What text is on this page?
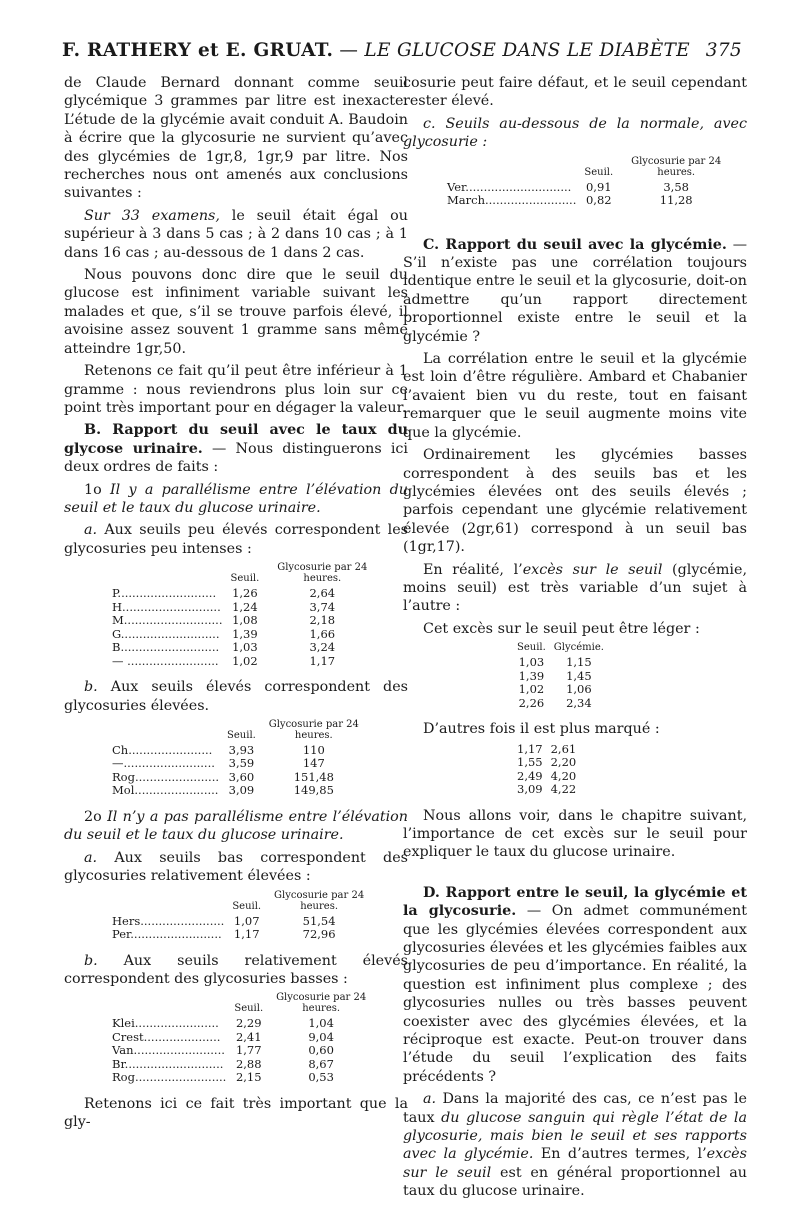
F. RATHERY et E. GRUAT. — LE GLUCOSE DANS LE DIABÈTE 375

de Claude Bernard donnant comme seuil glycémique 3 grammes par litre est inexacte. L’étude de la glycémie avait conduit A. Baudoin à écrire que la glycosurie ne survient qu’avec des glycémies de 1gr,8, 1gr,9 par litre. Nos recherches nous ont amenés aux conclusions suivantes :

Sur 33 examens, le seuil était égal ou supérieur à 3 dans 5 cas ; à 2 dans 10 cas ; à 1 dans 16 cas ; au-dessous de 1 dans 2 cas.

Nous pouvons donc dire que le seuil du glucose est infiniment variable suivant les malades et que, s’il se trouve parfois élevé, il avoisine assez souvent 1 gramme sans même atteindre 1gr,50.

Retenons ce fait qu’il peut être inférieur à 1 gramme : nous reviendrons plus loin sur ce point très important pour en dégager la valeur.

B. Rapport du seuil avec le taux du glycose urinaire. — Nous distinguerons ici deux ordres de faits :

1o Il y a parallélisme entre l’élévation du seuil et le taux du glucose urinaire.

a. Aux seuils peu élevés correspondent les glycosuries peu intenses :

	Seuil.	Glycosurie par 24 heures.
P...........................	1,26	2,64
H...........................	1,24	3,74
M...........................	1,08	2,18
G...........................	1,39	1,66
B...........................	1,03	3,24
— .........................	1,02	1,17

b. Aux seuils élevés correspondent des glycosuries élevées.

	Seuil.	Glycosurie par 24 heures.
Ch.......................	3,93	110
—.........................	3,59	147
Rog.......................	3,60	151,48
Mol.......................	3,09	149,85

2o Il n’y a pas parallélisme entre l’élévation du seuil et le taux du glucose urinaire.

a. Aux seuils bas correspondent des glycosuries relativement élevées :

	Seuil.	Glycosurie par 24 heures.
Hers.......................	1,07	51,54
Per.........................	1,17	72,96

b. Aux seuils relativement élevés correspondent des glycosuries basses :

	Seuil.	Glycosurie par 24 heures.
Klei.......................	2,29	1,04
Crest.....................	2,41	9,04
Van.........................	1,77	0,60
Br...........................	2,88	8,67
Rog.........................	2,15	0,53

Retenons ici ce fait très important que la gly-

cosurie peut faire défaut, et le seuil cependant rester élevé.

c. Seuils au-dessous de la normale, avec glycosurie :

	Seuil.	Glycosurie par 24 heures.
Ver.............................	0,91	3,58
March.........................	0,82	11,28

C. Rapport du seuil avec la glycémie. — S’il n’existe pas une corrélation toujours identique entre le seuil et la glycosurie, doit-on admettre qu’un rapport directement proportionnel existe entre le seuil et la glycémie ?

La corrélation entre le seuil et la glycémie est loin d’être régulière. Ambard et Chabanier l’avaient bien vu du reste, tout en faisant remarquer que le seuil augmente moins vite que la glycémie.

Ordinairement les glycémies basses correspondent à des seuils bas et les glycémies élevées ont des seuils élevés ; parfois cependant une glycémie relativement élevée (2gr,61) correspond à un seuil bas (1gr,17).

En réalité, l’excès sur le seuil (glycémie, moins seuil) est très variable d’un sujet à l’autre :

Cet excès sur le seuil peut être léger :

Seuil.	Glycémie.
1,03	1,15
1,39	1,45
1,02	1,06
2,26	2,34

D’autres fois il est plus marqué :

1,17	2,61
1,55	2,20
2,49	4,20
3,09	4,22

Nous allons voir, dans le chapitre suivant, l’importance de cet excès sur le seuil pour expliquer le taux du glucose urinaire.

D. Rapport entre le seuil, la glycémie et la glycosurie. — On admet communément que les glycémies élevées correspondent aux glycosuries élevées et les glycémies faibles aux glycosuries de peu d’importance. En réalité, la question est infiniment plus complexe ; des glycosuries nulles ou très basses peuvent coexister avec des glycémies élevées, et la réciproque est exacte. Peut-on trouver dans l’étude du seuil l’explication des faits précédents ?

a. Dans la majorité des cas, ce n’est pas le taux du glucose sanguin qui règle l’état de la glycosurie, mais bien le seuil et ses rapports avec la glycémie. En d’autres termes, l’excès sur le seuil est en général proportionnel au taux du glucose urinaire.
